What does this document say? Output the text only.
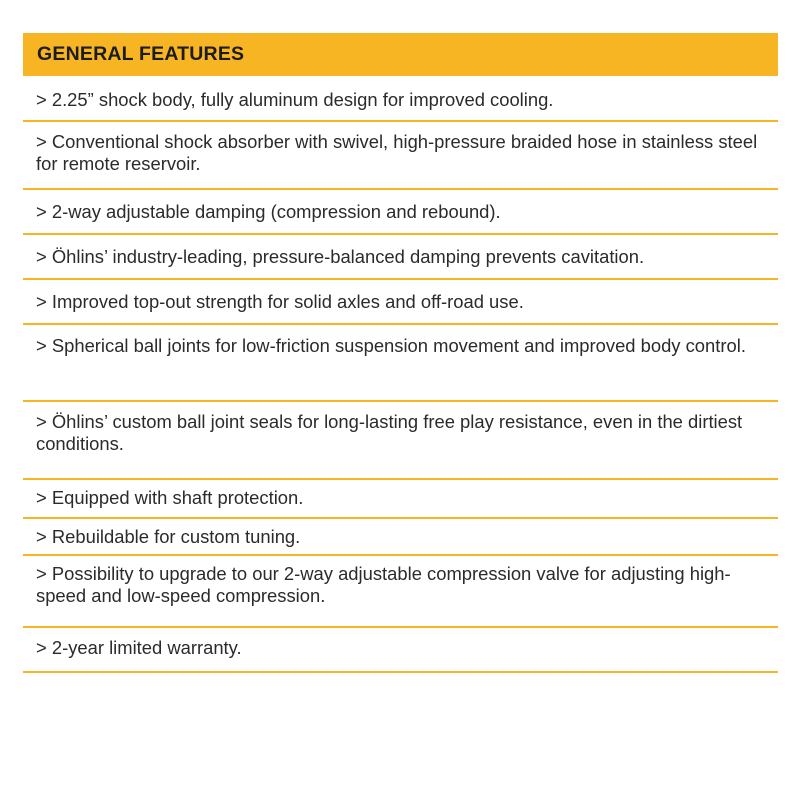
GENERAL FEATURES
> 2.25” shock body, fully aluminum design for improved cooling.
> Conventional shock absorber with swivel, high-pressure braided hose in stainless steel for remote reservoir.
> 2-way adjustable damping (compression and rebound).
> Öhlins’ industry-leading, pressure-balanced damping prevents cavitation.
> Improved top-out strength for solid axles and off-road use.
> Spherical ball joints for low-friction suspension movement and improved body control.
> Öhlins’ custom ball joint seals for long-lasting free play resistance, even in the dirtiest conditions.
> Equipped with shaft protection.
> Rebuildable for custom tuning.
> Possibility to upgrade to our 2-way adjustable compression valve for adjusting high-speed and low-speed compression.
> 2-year limited warranty.
